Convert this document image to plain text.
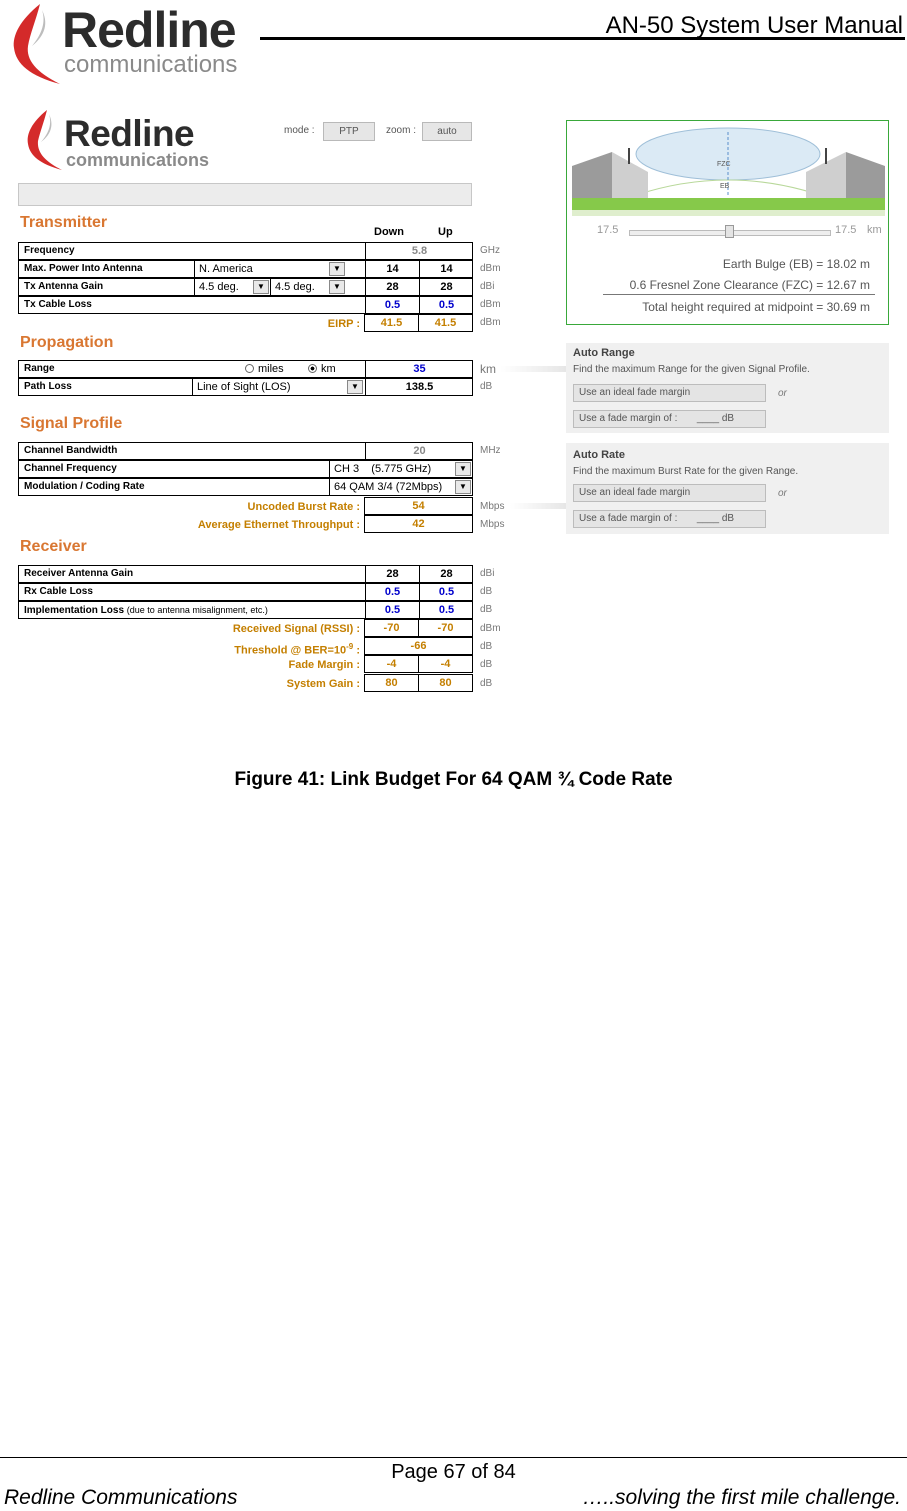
Redline
communications
AN-50 System User Manual
Redline
communications
mode :	PTP	zoom :	auto
Transmitter
Down	Up
Frequency	5.8	GHz
Max. Power Into Antenna	N. America	▼	14	14	dBm
Tx Antenna Gain	4.5 deg.	▼ 4.5 deg.	▼	28	28	dBi
Tx Cable Loss	0.5	0.5	dBm
EIRP :	41.5	41.5	dBm
Propagation
Range	miles	km	35	km
Path Loss	Line of Sight (LOS)	▼	138.5	dB
Signal Profile
Channel Bandwidth	20	MHz
Channel Frequency	CH 3    (5.775 GHz)	▼
Modulation / Coding Rate	64 QAM 3/4 (72Mbps)	▼
Uncoded Burst Rate :	54	Mbps
Average Ethernet Throughput :	42	Mbps
Receiver
Receiver Antenna Gain	28	28	dBi
Rx Cable Loss	0.5	0.5	dB
Implementation Loss (due to antenna misalignment, etc.)	0.5	0.5	dB
Received Signal (RSSI) :	-70	-70	dBm
Threshold @ $BER=10^{-9}$ :	-66	dB
Fade Margin :	-4	-4	dB
System Gain :	80	80	dB
FZC
EB
17.5	17.5 km
Earth Bulge (EB) = 18.02 m
0.6 Fresnel Zone Clearance (FZC) = 12.67 m
Total height required at midpoint = 30.69 m
Auto Range
Find the maximum Range for the given Signal Profile.
Use an ideal fade margin	or
Use a fade margin of :       ____ dB
Auto Rate
Find the maximum Burst Rate for the given Range.
Use an ideal fade margin	or
Use a fade margin of :       ____ dB
Figure 41: Link Budget For 64 QAM ¾ Code Rate
Page 67 of 84
Redline Communications	…..solving the first mile challenge.
